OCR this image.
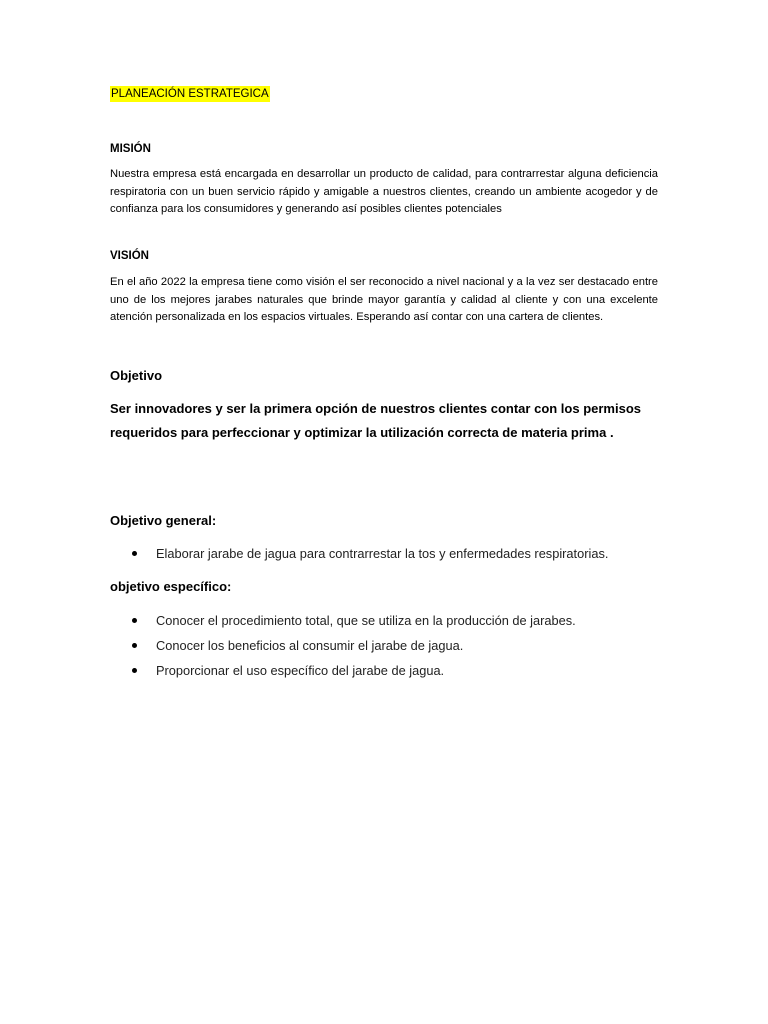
PLANEACIÓN ESTRATEGICA
MISIÓN

Nuestra empresa está encargada en desarrollar un producto de calidad, para contrarrestar alguna deficiencia respiratoria con un buen servicio rápido y amigable a nuestros clientes, creando un ambiente acogedor y de confianza para los consumidores y generando así posibles clientes potenciales

VISIÓN

En el año 2022 la empresa tiene como visión el ser reconocido a nivel nacional y a la vez ser destacado entre uno de los mejores jarabes naturales que brinde mayor garantía y calidad al cliente y con una excelente atención personalizada en los espacios virtuales. Esperando así contar con una cartera de clientes.

Objetivo

Ser innovadores y ser la primera opción de nuestros clientes contar con los permisos requeridos para perfeccionar y optimizar la utilización correcta de materia prima .

Objetivo general:
Elaborar jarabe de jagua para contrarrestar la tos y enfermedades respiratorias.
objetivo específico:
Conocer el procedimiento total, que se utiliza en la producción de jarabes.
Conocer los beneficios al consumir el jarabe de jagua.
Proporcionar el uso específico del jarabe de jagua.
